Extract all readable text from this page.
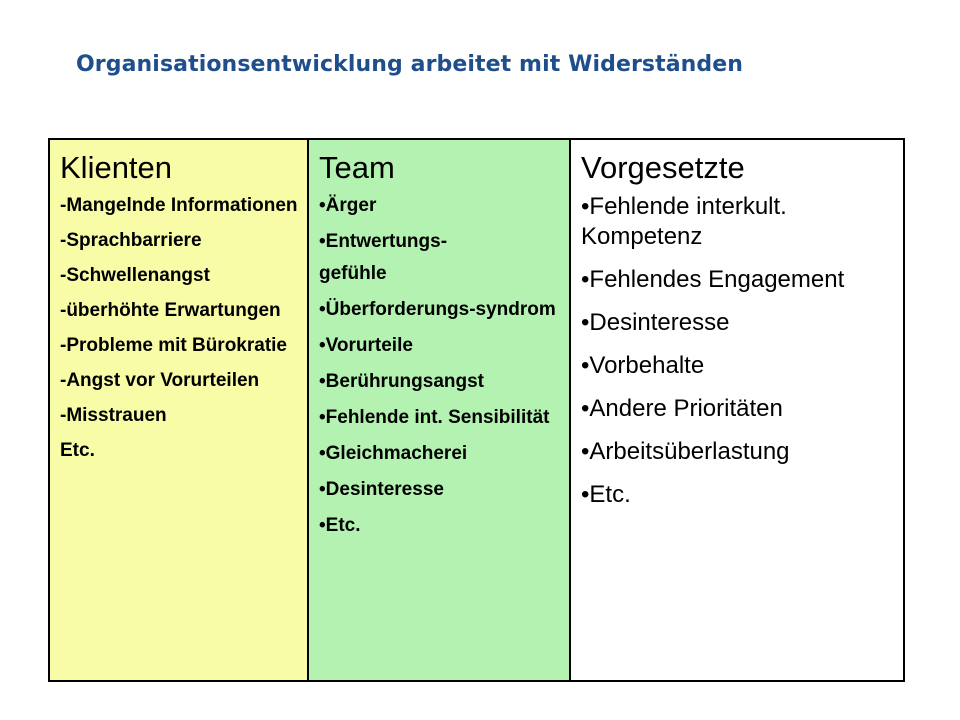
Organisationsentwicklung arbeitet mit Widerständen
Klienten
-Mangelnde Informationen
-Sprachbarriere
-Schwellenangst
-überhöhte Erwartungen
-Probleme mit Bürokratie
-Angst vor Vorurteilen
-Misstrauen
Etc.
Team
•Ärger
•Entwertungs-
gefühle
•Überforderungs-syndrom
•Vorurteile
•Berührungsangst
•Fehlende int. Sensibilität
•Gleichmacherei
•Desinteresse
•Etc.
Vorgesetzte
•Fehlende interkult. Kompetenz
•Fehlendes Engagement
•Desinteresse
•Vorbehalte
•Andere Prioritäten
•Arbeitsüberlastung
•Etc.
